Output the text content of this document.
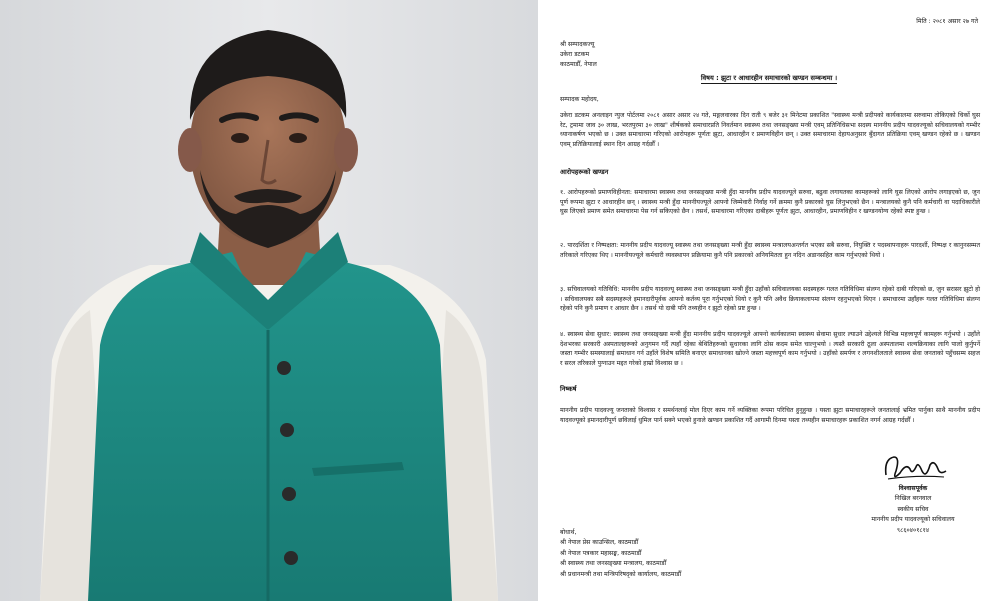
मिति : २०८१ असार २७ गते
श्री सम्पादकज्यू
उकेरा डटकम
काठमाडौँ, नेपाल
विषय : झुटा र आधारहीन समाचारको खण्डन सम्बन्धमा ।
सम्पादक महोदय,
उकेरा डटकम अनलाइन न्युज पोर्टलमा २०८१ असार असार २४ गते, मङ्गलवारका दिन राती ९ बजेर ३१ मिनेटमा प्रकाशित "स्वास्थ्य मन्त्री प्रदीपको कार्यकालमा सरुवामा तोकिएको चिर्को घुस रेट, ट्रमामा जाव ३० लाख, भरतपुरमा ३० लाख" शीर्षकको समाचारप्रति निवर्तमान स्वास्थ्य तथा जनसङ्ख्या मन्त्री एवम् प्रतिनिधिसभा सदस्य माननीय प्रदीप यादवज्यूको सचिवालयको गम्भीर ध्यानाकर्षण भएको छ । उक्त समाचारमा गरिएको आरोपहरू पूर्णतः झुटा, आधारहीन र प्रमाणविहीन छन् । उक्त समाचारमा देहायअनुसार बुँदागत प्रतिक्रिया एवम् खण्डन रहेको छ । खण्डन एवम् प्रतिक्रियालाई स्थान दिन आग्रह गर्दछौँ ।
आरोपहरूको खण्डन
१. आरोपहरूको प्रमाणविहीनता: समाचारमा स्वास्थ्य तथा जनसङ्ख्या मन्त्री हुँदा माननीय प्रदीप यादवज्यूले सरुवा, बढुवा लगायतका कामहरूको लागि घुस लिएको आरोप लगाइएको छ, जुन पूर्ण रूपमा झुटा र आधारहीन छन् । स्वास्थ्य मन्त्री हुँदा माननीयज्यूले आफ्नो जिम्मेवारी निर्वाह गर्ने क्रममा कुनै प्रकारको घुस लिनुभएको छैन । मन्त्रालयको कुनै पनि कर्मचारी वा पदाधिकारीले घुस लिएको प्रमाण समेत समाचारमा पेस गर्न सकिएको छैन । तसर्थ, समाचारमा गरिएका दाबीहरू पूर्णतः झुटा, आधारहीन, प्रमाणविहीन र खण्डनयोग्य रहेको स्पष्ट हुन्छ ।
२. पारदर्शिता र निष्पक्षता: माननीय प्रदीप यादवज्यू स्वास्थ्य तथा जनसङ्ख्या मन्त्री हुँदा स्वास्थ्य मन्त्रालयअन्तर्गत भएका सबै सरुवा, नियुक्ति र पदस्थापनाहरू पारदर्शी, निष्पक्ष र कानुनसम्मत तरिकाले गरिएका थिए । माननीयज्यूले कर्मचारी व्यवस्थापन प्रक्रियामा कुनै पनि प्रकारको अनियमितता हुन नदिन अडानसहित काम गर्नुभएको थियो ।
३. सचिवालयको गतिविधि: माननीय प्रदीप यादवज्यू स्वास्थ्य तथा जनसङ्ख्या मन्त्री हुँदा उहाँको सचिवालयका सदस्यहरू गलत गतिविधिमा संलग्न रहेको दाबी गरिएको छ, जुन सरासर झुटो हो । सचिवालयका सबै सदस्यहरूले इमानदारीपूर्वक आफ्नो कर्तव्य पूरा गर्नुभएको थियो र कुनै पनि अवैध क्रियाकलापमा संलग्न रहनुभएको थिएन । समाचारमा उहाँहरू गलत गतिविधिमा संलग्न रहेको पनि कुनै प्रमाण र आधार छैन । तसर्थ यो दाबी पनि तथ्यहीन र झुटो रहेको प्रष्ट हुन्छ ।
४. स्वास्थ्य सेवा सुधार: स्वास्थ्य तथा जनसङ्ख्या मन्त्री हुँदा माननीय प्रदीप यादवज्यूले आफ्नो कार्यकालमा स्वास्थ्य सेवामा सुधार ल्याउने उद्देश्यले विभिन्न महत्त्वपूर्ण कामहरू गर्नुभयो । उहाँले देशभरका सरकारी अस्पतालहरूको अनुगमन गर्दै त्यहाँ रहेका बेथितिहरूको सुधारका लागि ठोस कदम समेत चाल्नुभयो । त्यस्तै सरकारी ठूला अस्पतालमा शल्यक्रियाका लागि पालो कुर्नुपर्ने जस्ता गम्भीर समस्यालाई समाधान गर्न उहाँले विशेष समिति बनाएर समाधानका खोज्ने जस्ता महत्त्वपूर्ण काम गर्नुभयो । उहाँको समर्पण र लगनशीलताले स्वास्थ्य सेवा जनताको पहुँचसम्म सहज र सरल तरिकाले पुग्नाउन मद्दत गरेको हाम्रो विश्वास छ ।
निष्कर्ष
माननीय प्रदीप यादवज्यू जनताको विश्वास र समर्थनलाई मोल दिएर काम गर्ने व्यक्तिका रूपमा परिचित हुनुहुन्छ । यस्ता झुटा समाचारहरूले जनतालाई भ्रमित पार्नुका साथै माननीय प्रदीप यादवज्यूको इमानदारीपूर्ण छविलाई धुमिल पार्न सक्ने भएको हुनाले खण्डन प्रकाशित गर्दै आगामी दिनमा यस्ता तथ्यहीन समाचारहरू प्रकाशित नगर्न आग्रह गर्दछौँ ।
विश्वासपूर्वक
निखिल बरनवाल
स्वकीय सचिव
माननीय प्रदीप यादवज्यूको सचिवालय
९८६०४०१८१४
बोधार्थ,
श्री नेपाल प्रेस काउन्सिल, काठमाडौँ
श्री नेपाल पत्रकार महासङ्घ, काठमाडौँ
श्री स्वास्थ्य तथा जनसङ्ख्या मन्त्रालय, काठमाडौँ
श्री प्रधानमन्त्री तथा मन्त्रिपरिषद्को कार्यालय, काठमाडौँ
